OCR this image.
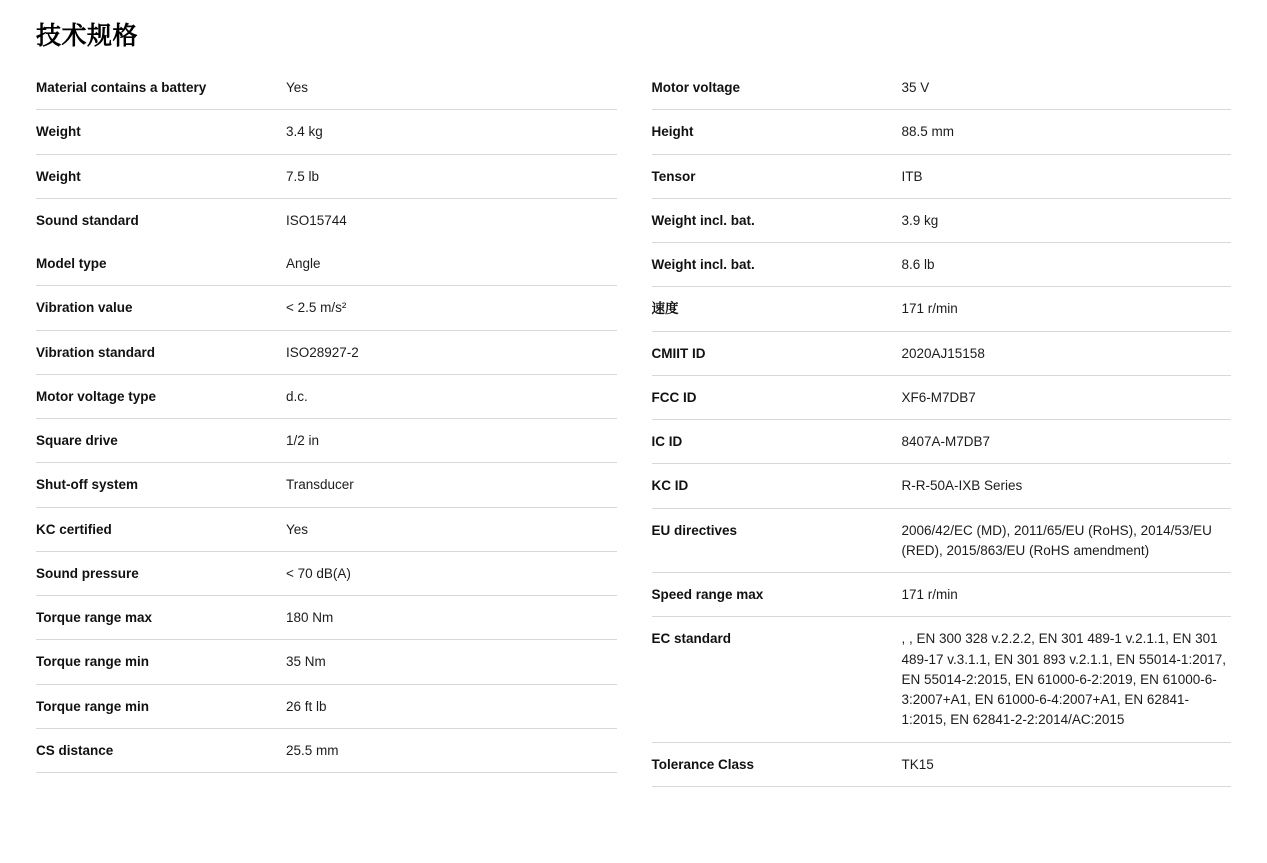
技术规格
Material contains a battery	Yes
Weight	3.4 kg
Weight	7.5 lb
Sound standard	ISO15744
Model type	Angle
Vibration value	< 2.5 m/s²
Vibration standard	ISO28927-2
Motor voltage type	d.c.
Square drive	1/2 in
Shut-off system	Transducer
KC certified	Yes
Sound pressure	< 70 dB(A)
Torque range max	180 Nm
Torque range min	35 Nm
Torque range min	26 ft lb
CS distance	25.5 mm
Motor voltage	35 V
Height	88.5 mm
Tensor	ITB
Weight incl. bat.	3.9 kg
Weight incl. bat.	8.6 lb
速度	171 r/min
CMIIT ID	2020AJ15158
FCC ID	XF6-M7DB7
IC ID	8407A-M7DB7
KC ID	R-R-50A-IXB Series
EU directives	2006/42/EC (MD), 2011/65/EU (RoHS), 2014/53/EU (RED), 2015/863/EU (RoHS amendment)
Speed range max	171 r/min
EC standard	, , EN 300 328 v.2.2.2, EN 301 489-1 v.2.1.1, EN 301 489-17 v.3.1.1, EN 301 893 v.2.1.1, EN 55014-1:2017, EN 55014-2:2015, EN 61000-6-2:2019, EN 61000-6-3:2007+A1, EN 61000-6-4:2007+A1, EN 62841-1:2015, EN 62841-2-2:2014/AC:2015
Tolerance Class	TK15
